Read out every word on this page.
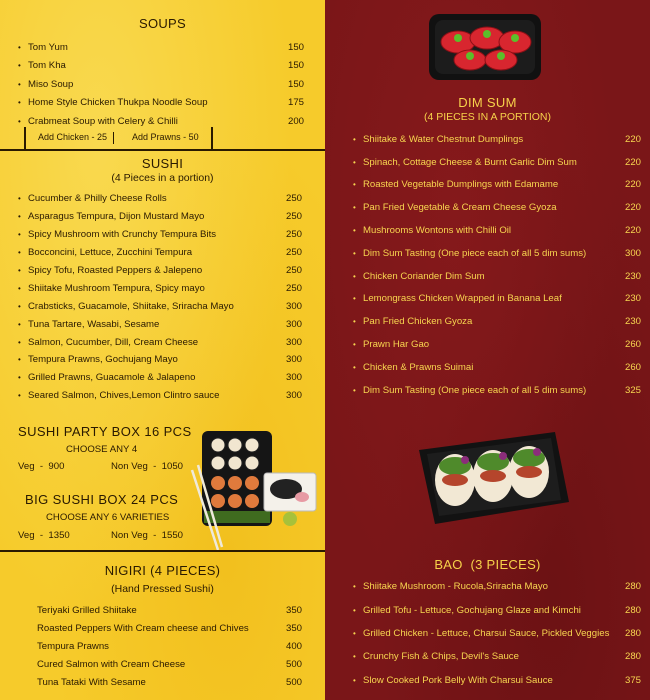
SOUPS
• Tom Yum	150
• Tom Kha	150
• Miso Soup	150
• Home Style Chicken Thukpa Noodle Soup	175
• Crabmeat Soup with Celery & Chilli	200
Add Chicken - 25	Add Prawns - 50
SUSHI
(4 Pieces in a portion)
• Cucumber & Philly Cheese Rolls	250
• Asparagus Tempura, Dijon Mustard Mayo	250
• Spicy Mushroom with Crunchy Tempura Bits	250
• Bocconcini, Lettuce, Zucchini Tempura	250
• Spicy Tofu, Roasted Peppers & Jalepeno	250
• Shiitake Mushroom Tempura, Spicy mayo	250
• Crabsticks, Guacamole, Shiitake, Sriracha Mayo	300
• Tuna Tartare, Wasabi, Sesame	300
• Salmon, Cucumber, Dill, Cream Cheese	300
• Tempura Prawns, Gochujang Mayo	300
• Grilled Prawns, Guacamole & Jalapeno	300
• Seared Salmon, Chives,Lemon Clintro sauce	300
SUSHI PARTY BOX 16 PCS
CHOOSE ANY 4
Veg  -  900	Non Veg  -  1050
BIG SUSHI BOX 24 PCS
CHOOSE ANY 6 VARIETIES
Veg  -  1350	Non Veg  -  1550
NIGIRI (4 PIECES)
(Hand Pressed Sushi)
Teriyaki Grilled Shiitake	350
Roasted Peppers With Cream cheese and Chives	350
Tempura Prawns	400
Cured Salmon with Cream Cheese	500
Tuna Tataki With Sesame	500
DIM SUM
(4 PIECES IN A PORTION)
• Shiitake & Water Chestnut Dumplings	220
• Spinach, Cottage Cheese & Burnt Garlic Dim Sum	220
• Roasted Vegetable Dumplings with Edamame	220
• Pan Fried Vegetable & Cream Cheese Gyoza	220
• Mushrooms Wontons with Chilli Oil	220
• Dim Sum Tasting (One piece each of all 5 dim sums)	300
• Chicken Coriander Dim Sum	230
• Lemongrass Chicken Wrapped in Banana Leaf	230
• Pan Fried Chicken Gyoza	230
• Prawn Har Gao	260
• Chicken & Prawns Suimai	260
• Dim Sum Tasting (One piece each of all 5 dim sums)	325
BAO  (3 PIECES)
• Shiitake Mushroom - Rucola,Sriracha Mayo	280
• Grilled Tofu - Lettuce, Gochujang Glaze and Kimchi	280
• Grilled Chicken - Lettuce, Charsui Sauce, Pickled Veggies	280
• Crunchy Fish & Chips, Devil's Sauce	280
• Slow Cooked Pork Belly With Charsui Sauce	375
